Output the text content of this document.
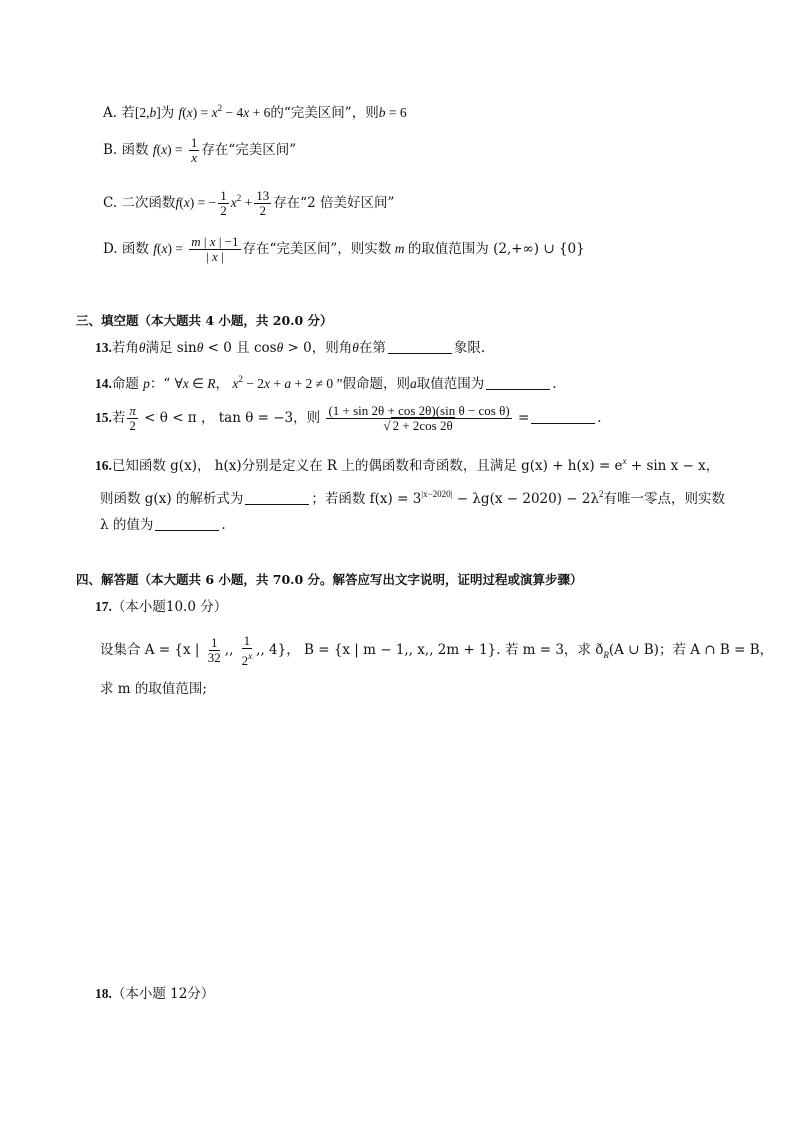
A. 若[2,b]为 $f(x) = x^2 - 4x + 6$的“完美区间”，则b = 6
B. 函数 $f(x) = \frac{1}{x}$ 存在“完美区间”
C. 二次函数f(x) = − $\frac{1}{2} x^2 + \frac{13}{2}$ 存在“2 倍美好区间”
D. 函数 $f(x) = \frac{m | x | -1}{| x |}$ 存在“完美区间”，则实数 m 的取值范围为 (2,+∞) ∪ {0}
三、填空题（本大题共 4 小题，共 20.0 分）
13.若角θ满足 sinθ < 0 且 cosθ > 0，则角θ在第	象限.
14.命题 p：“ ∀x ∈ R， $x^2 - 2x + a + 2 \ne 0$ ”假命题，则a取值范围为	.
15.若 $\frac{\pi}{2} < \theta < \pi$ ， tan θ = −3，则 $\frac{\text{(1 + sin 2θ + cos 2θ)(sin θ − cos θ)}}{√ 2 + 2\cos 2\theta}$ =	.
16.已知函数 g(x)， h(x)分别是定义在 R 上的偶函数和奇函数，且满足 $g(x) + h(x) = e^x + \sin x - x$，
则函数 g(x) 的解析式为	；若函数 $f(x) = 3^{|x-2020|} - \lambda g(x - 2020) - 2\lambda^2$有唯一零点，则实数
λ 的值为	.
四、解答题（本大题共 6 小题，共 70.0 分。解答应写出文字说明，证明过程或演算步骤）
17.（本小题10.0 分）
设集合 A = {x | $\frac{1}{32}$ ,, $\frac{1}{2^x}$ ,, 4}， B = {x | m − 1,, x,, 2m + 1}. 若 m = 3，求 $ð_R(A$ ∪ B)；若 A ∩ B = B，
求 m 的取值范围;
18.（本小题 12分）
